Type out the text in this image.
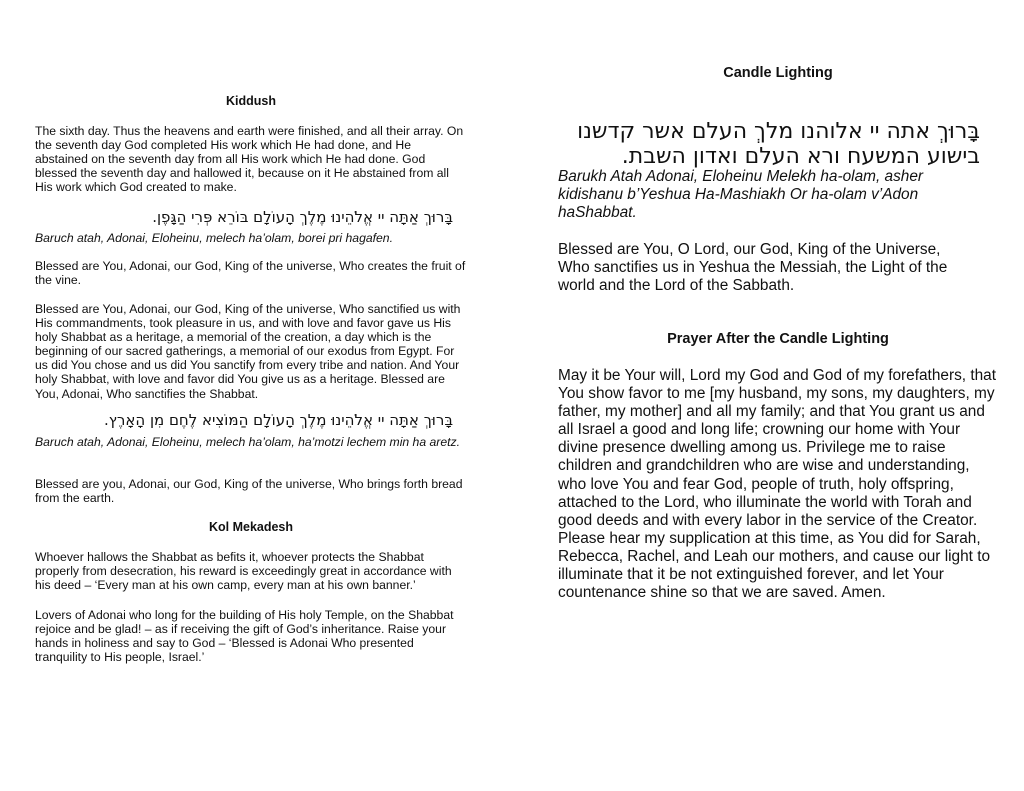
Kiddush

The sixth day. Thus the heavens and earth were finished, and all their array. On the seventh day God completed His work which He had done, and He abstained on the seventh day from all His work which He had done. God blessed the seventh day and hallowed it, because on it He abstained from all His work which God created to make.

בָּרוּךְ אַתָּה יי אֱלֹהֵינוּ מֶלֶךְ הָעוֹלָם בּוֹרֵא פְּרִי הַגָּפֶן.

Baruch atah, Adonai, Eloheinu, melech ha’olam, borei pri hagafen.

Blessed are You, Adonai, our God, King of the universe, Who creates the fruit of the vine.

Blessed are You, Adonai, our God, King of the universe, Who sanctified us with His commandments, took pleasure in us, and with love and favor gave us His holy Shabbat as a heritage, a memorial of the creation, a day which is the beginning of our sacred gatherings, a memorial of our exodus from Egypt. For us did You chose and us did You sanctify from every tribe and nation. And Your holy Shabbat, with love and favor did You give us as a heritage. Blessed are You, Adonai, Who sanctifies the Shabbat.

בָּרוּךְ אַתָּה יי אֱלֹהֵינוּ מֶלֶךְ הָעוֹלָם הַמּוֹצִיא לֶחֶם מִן הָאָרֶץ.

Baruch atah, Adonai, Eloheinu, melech ha’olam, ha’motzi lechem min ha aretz.

Blessed are you, Adonai, our God, King of the universe, Who brings forth bread from the earth.

Kol Mekadesh

Whoever hallows the Shabbat as befits it, whoever protects the Shabbat properly from desecration, his reward is exceedingly great in accordance with his deed – ‘Every man at his own camp, every man at his own banner.’

Lovers of Adonai who long for the building of His holy Temple, on the Shabbat rejoice and be glad! – as if receiving the gift of God’s inheritance. Raise your hands in holiness and say to God – ‘Blessed is Adonai Who presented tranquility to His people, Israel.’

Candle Lighting

בָּרוּךְ אתה יי אלוהנו מלךְ העלם אשר קדשנו בישוע המשעח ורא העלם ואדון השבת.

Barukh Atah Adonai, Eloheinu Melekh ha-olam, asher kidishanu b’Yeshua Ha-Mashiakh Or ha-olam v’Adon haShabbat.

Blessed are You, O Lord, our God, King of the Universe, Who sanctifies us in Yeshua the Messiah, the Light of the world and the Lord of the Sabbath.

Prayer After the Candle Lighting

May it be Your will, Lord my God and God of my forefathers, that You show favor to me [my husband, my sons, my daughters, my father, my mother] and all my family; and that You grant us and all Israel a good and long life; crowning our home with Your divine presence dwelling among us. Privilege me to raise children and grandchildren who are wise and understanding, who love You and fear God, people of truth, holy offspring, attached to the Lord, who illuminate the world with Torah and good deeds and with every labor in the service of the Creator. Please hear my supplication at this time, as You did for Sarah, Rebecca, Rachel, and Leah our mothers, and cause our light to illuminate that it be not extinguished forever, and let Your countenance shine so that we are saved. Amen.
